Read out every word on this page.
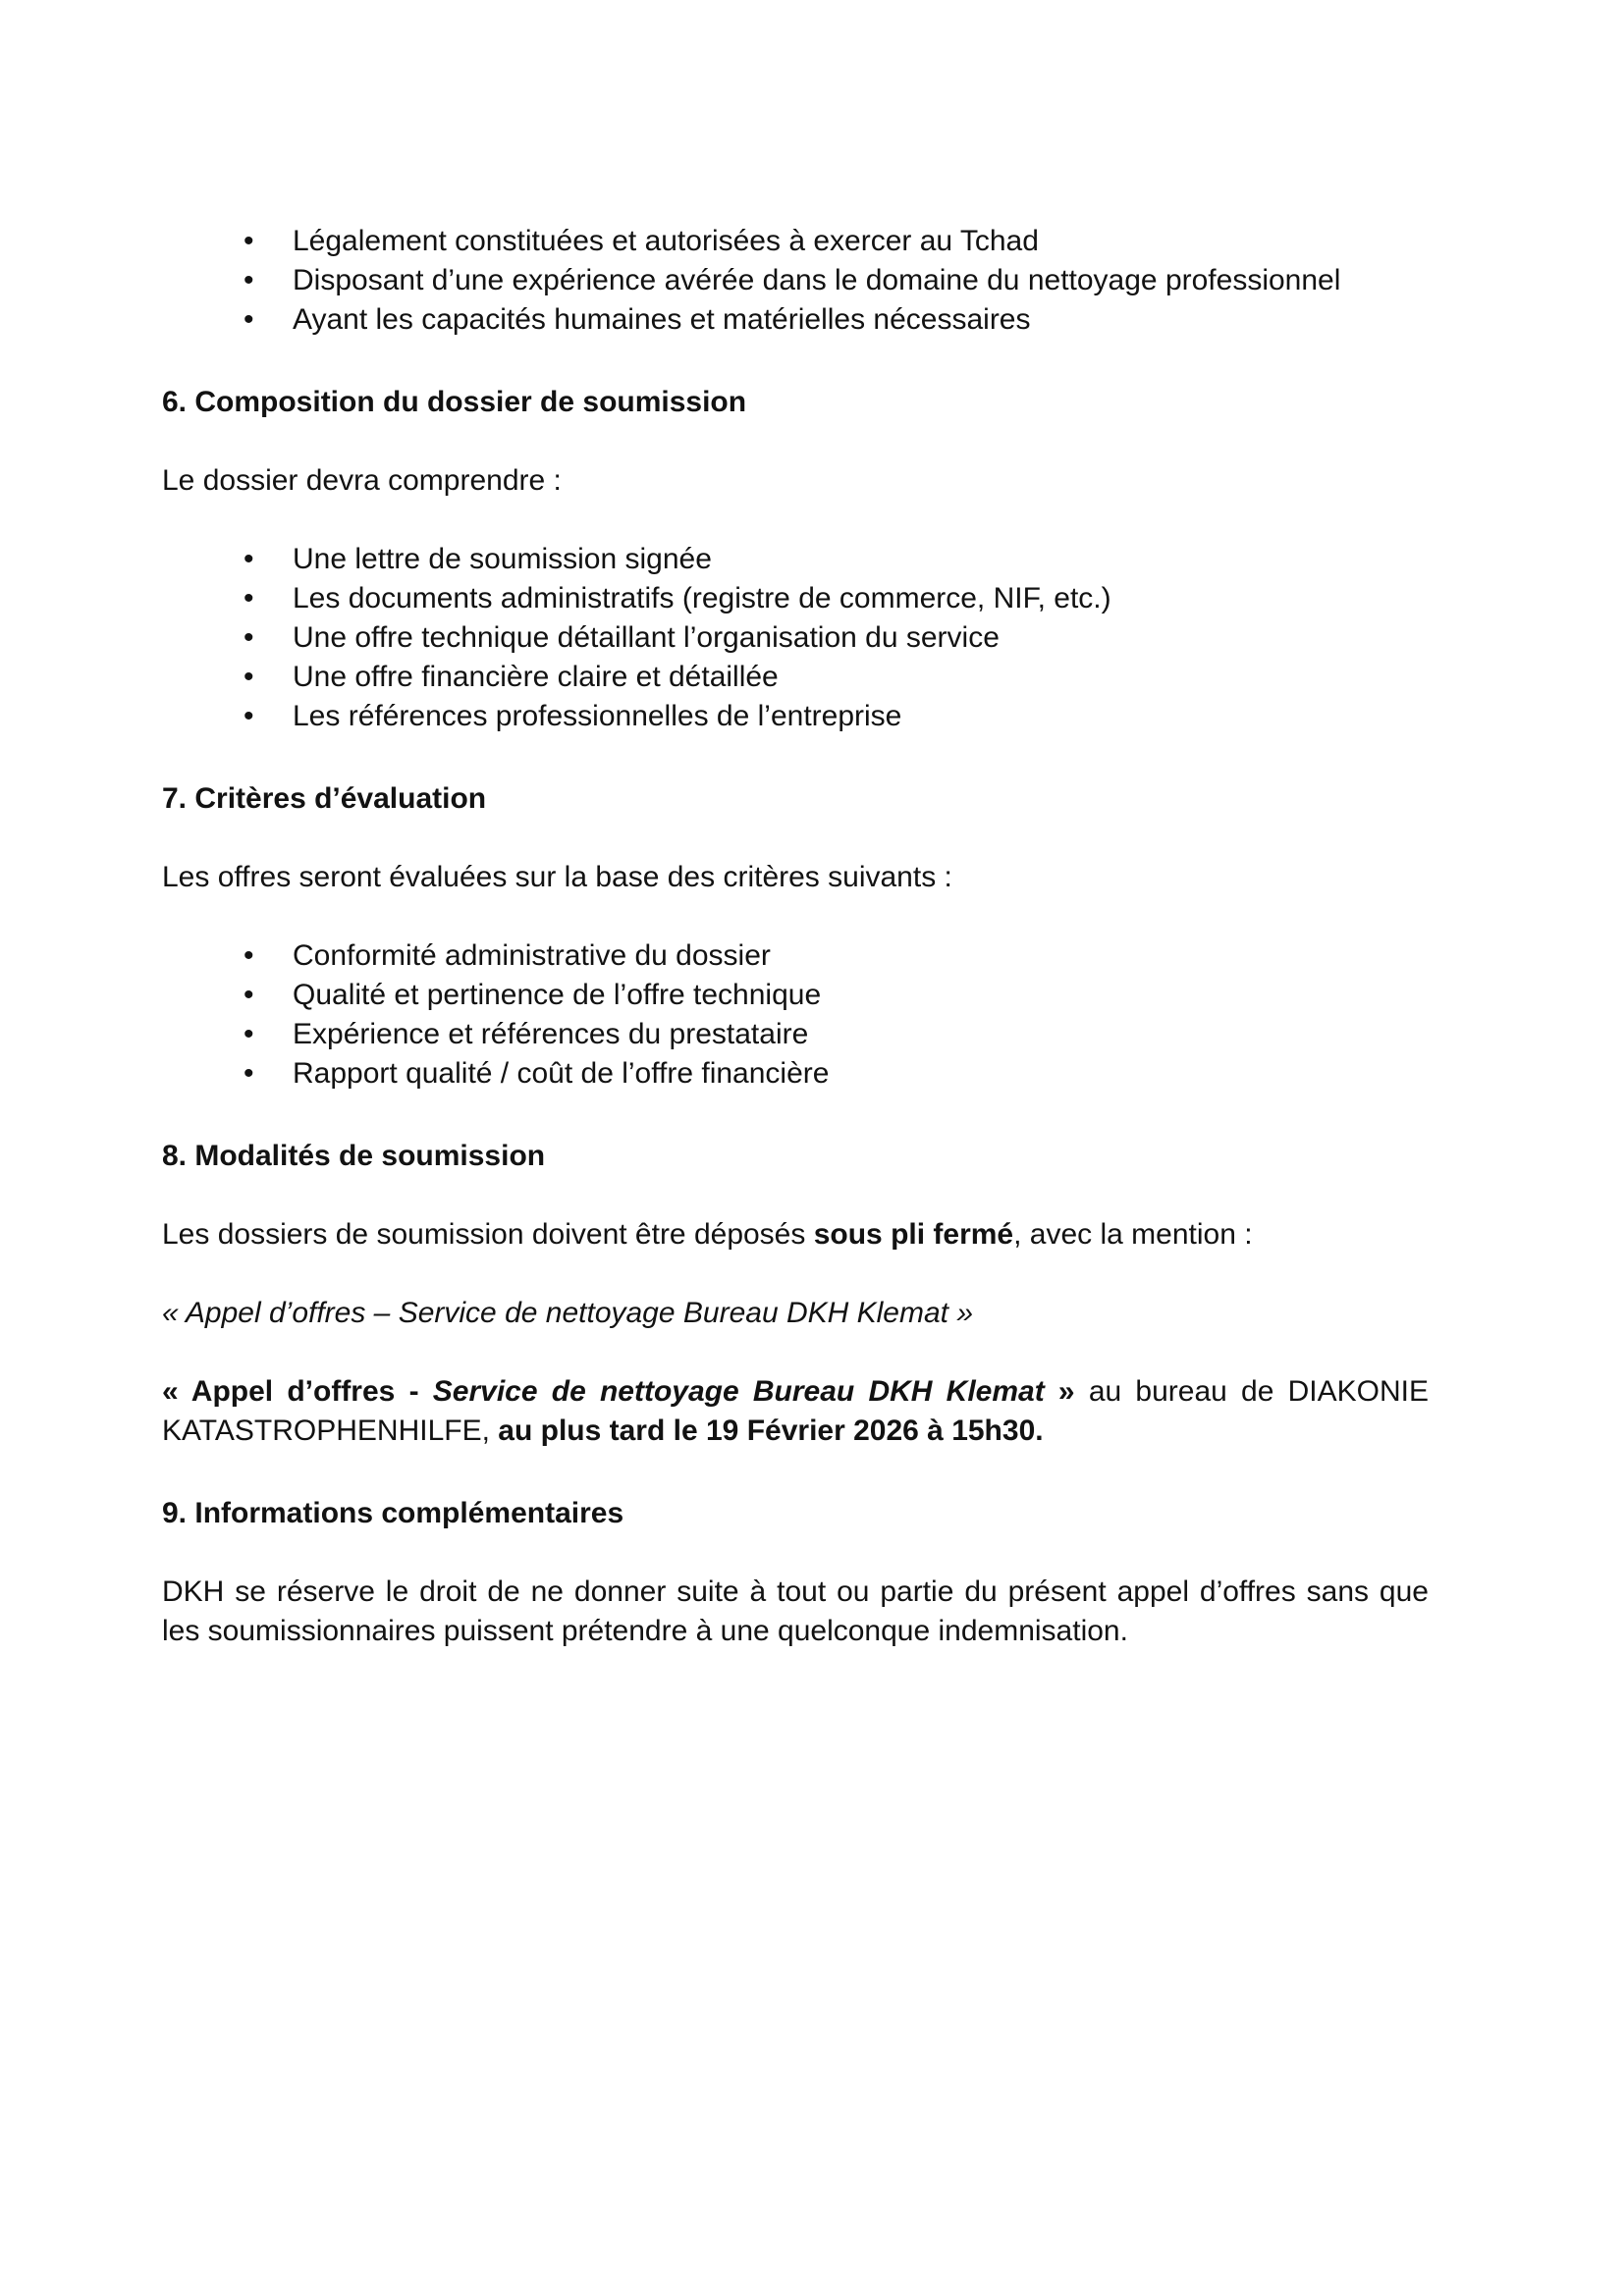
• Légalement constituées et autorisées à exercer au Tchad
• Disposant d’une expérience avérée dans le domaine du nettoyage professionnel
• Ayant les capacités humaines et matérielles nécessaires
6. Composition du dossier de soumission
Le dossier devra comprendre :
• Une lettre de soumission signée
• Les documents administratifs (registre de commerce, NIF, etc.)
• Une offre technique détaillant l’organisation du service
• Une offre financière claire et détaillée
• Les références professionnelles de l’entreprise
7. Critères d’évaluation
Les offres seront évaluées sur la base des critères suivants :
• Conformité administrative du dossier
• Qualité et pertinence de l’offre technique
• Expérience et références du prestataire
• Rapport qualité / coût de l’offre financière
8. Modalités de soumission
Les dossiers de soumission doivent être déposés sous pli fermé, avec la mention :
« Appel d’offres – Service de nettoyage Bureau DKH Klemat »
« Appel d’offres - Service de nettoyage Bureau DKH Klemat » au bureau de DIAKONIE KATASTROPHENHILFE, au plus tard le 19 Février 2026 à 15h30.
9. Informations complémentaires
DKH se réserve le droit de ne donner suite à tout ou partie du présent appel d’offres sans que les soumissionnaires puissent prétendre à une quelconque indemnisation.
